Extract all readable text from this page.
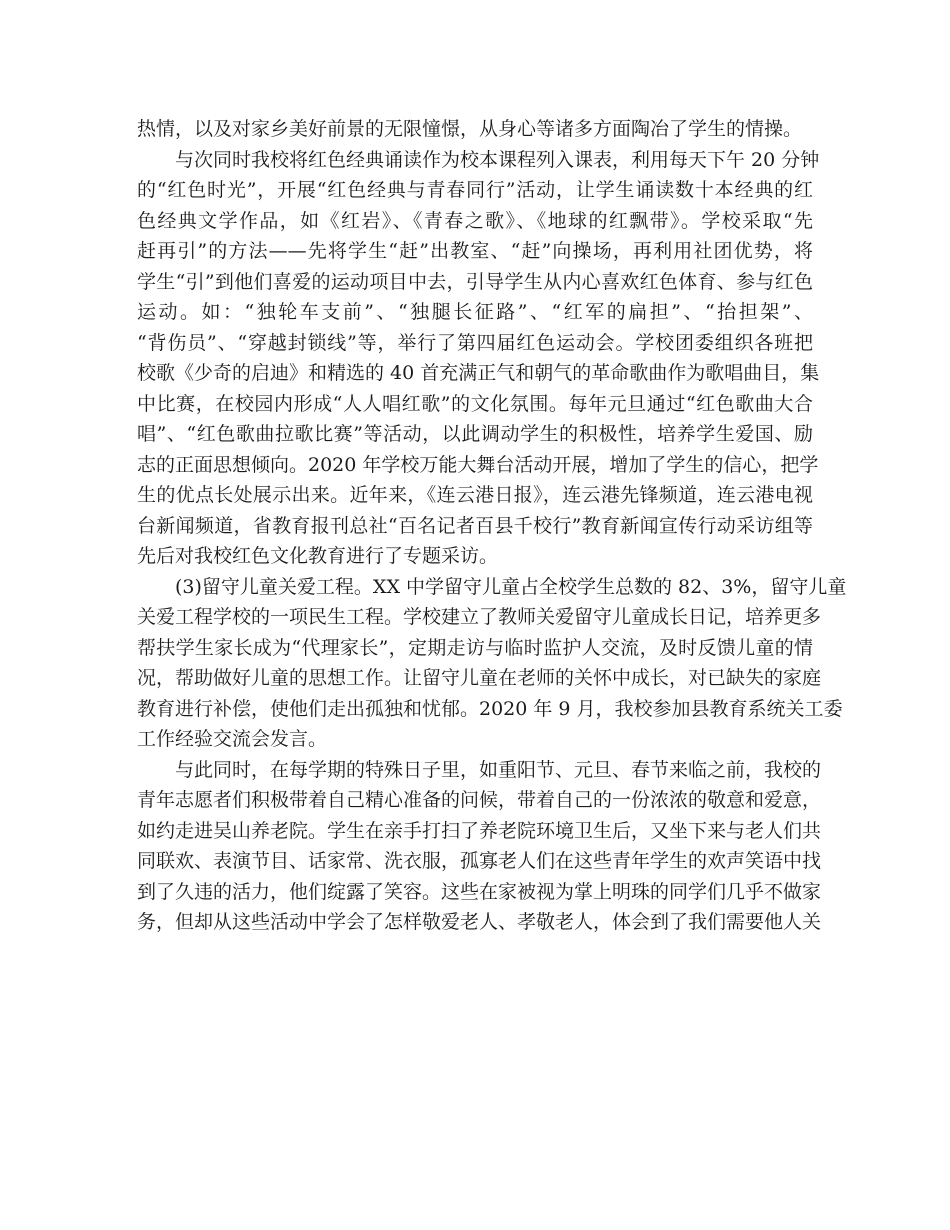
热情，以及对家乡美好前景的无限憧憬，从身心等诸多方面陶冶了学生的情操。
与次同时我校将红色经典诵读作为校本课程列入课表，利用每天下午 20 分钟
的“红色时光”，开展“红色经典与青春同行”活动，让学生诵读数十本经典的红
色经典文学作品，如《红岩》、《青春之歌》、《地球的红飘带》。学校采取“先
赶再引”的方法——先将学生“赶”出教室、“赶”向操场，再利用社团优势，将
学生“引”到他们喜爱的运动项目中去，引导学生从内心喜欢红色体育、参与红色
运动。如：“独轮车支前”、“独腿长征路”、“红军的扁担”、“抬担架”、
“背伤员”、“穿越封锁线”等，举行了第四届红色运动会。学校团委组织各班把
校歌《少奇的启迪》和精选的 40 首充满正气和朝气的革命歌曲作为歌唱曲目，集
中比赛，在校园内形成“人人唱红歌”的文化氛围。每年元旦通过“红色歌曲大合
唱”、“红色歌曲拉歌比赛”等活动，以此调动学生的积极性，培养学生爱国、励
志的正面思想倾向。2020 年学校万能大舞台活动开展，增加了学生的信心，把学
生的优点长处展示出来。近年来，《连云港日报》，连云港先锋频道，连云港电视
台新闻频道，省教育报刊总社“百名记者百县千校行”教育新闻宣传行动采访组等
先后对我校红色文化教育进行了专题采访。
(3)留守儿童关爱工程。XX 中学留守儿童占全校学生总数的 82、3%，留守儿童
关爱工程学校的一项民生工程。学校建立了教师关爱留守儿童成长日记，培养更多
帮扶学生家长成为“代理家长”，定期走访与临时监护人交流，及时反馈儿童的情
况，帮助做好儿童的思想工作。让留守儿童在老师的关怀中成长，对已缺失的家庭
教育进行补偿，使他们走出孤独和忧郁。2020 年 9 月，我校参加县教育系统关工委
工作经验交流会发言。
与此同时，在每学期的特殊日子里，如重阳节、元旦、春节来临之前，我校的
青年志愿者们积极带着自己精心准备的问候，带着自己的一份浓浓的敬意和爱意，
如约走进吴山养老院。学生在亲手打扫了养老院环境卫生后，又坐下来与老人们共
同联欢、表演节目、话家常、洗衣服，孤寡老人们在这些青年学生的欢声笑语中找
到了久违的活力，他们绽露了笑容。这些在家被视为掌上明珠的同学们几乎不做家
务，但却从这些活动中学会了怎样敬爱老人、孝敬老人，体会到了我们需要他人关
